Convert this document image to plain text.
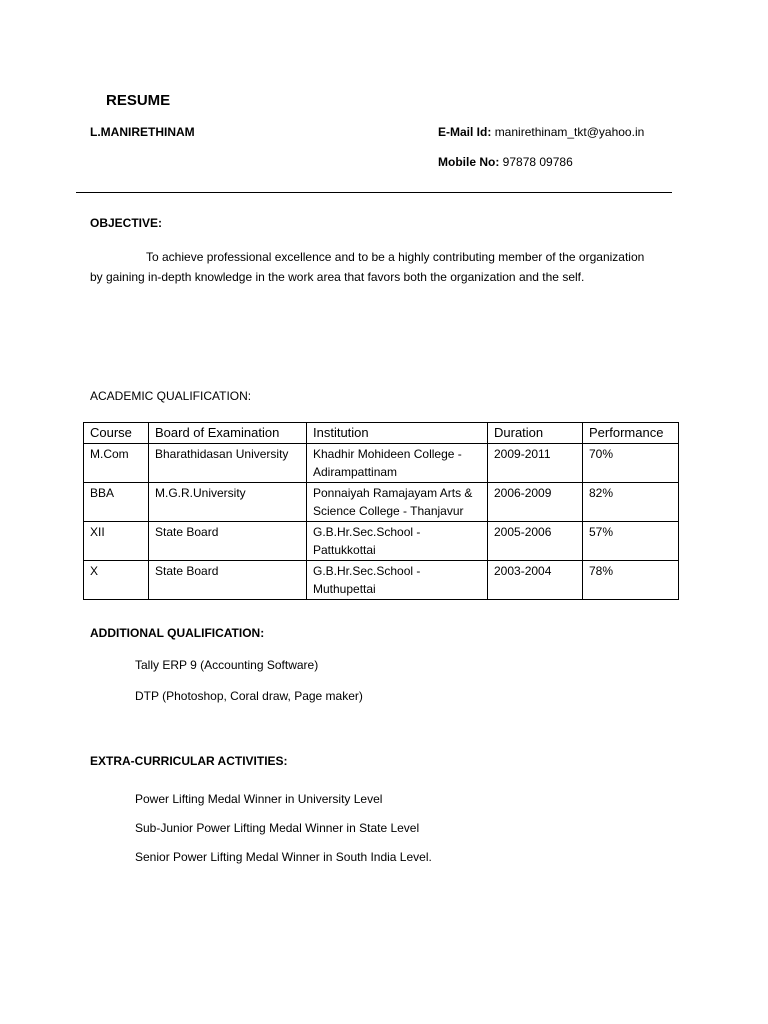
RESUME
L.MANIRETHINAM	E-Mail Id: manirethinam_tkt@yahoo.in
Mobile No: 97878 09786
OBJECTIVE:

To achieve professional excellence and to be a highly contributing member of the organization by gaining in-depth knowledge in the work area that favors both the organization and the self.

ACADEMIC QUALIFICATION:
Course	Board of Examination	Institution	Duration	Performance
M.Com	Bharathidasan University	Khadhir Mohideen College - Adirampattinam	2009-2011	70%
BBA	M.G.R.University	Ponnaiyah Ramajayam Arts & Science College - Thanjavur	2006-2009	82%
XII	State Board	G.B.Hr.Sec.School - Pattukkottai	2005-2006	57%
X	State Board	G.B.Hr.Sec.School - Muthupettai	2003-2004	78%
ADDITIONAL QUALIFICATION:
Tally ERP 9 (Accounting Software)
DTP (Photoshop, Coral draw, Page maker)
EXTRA-CURRICULAR ACTIVITIES:
Power Lifting Medal Winner in University Level
Sub-Junior Power Lifting Medal Winner in State Level
Senior Power Lifting Medal Winner in South India Level.
